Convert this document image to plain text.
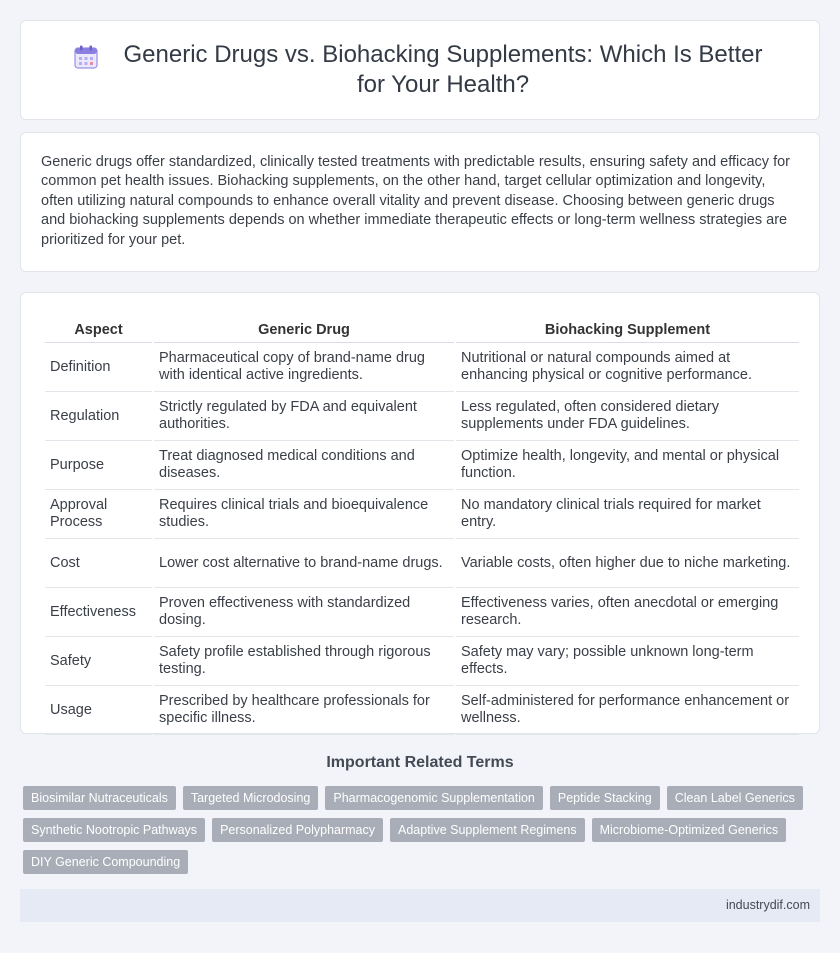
Generic Drugs vs. Biohacking Supplements: Which Is Better for Your Health?

Generic drugs offer standardized, clinically tested treatments with predictable results, ensuring safety and efficacy for common pet health issues. Biohacking supplements, on the other hand, target cellular optimization and longevity, often utilizing natural compounds to enhance overall vitality and prevent disease. Choosing between generic drugs and biohacking supplements depends on whether immediate therapeutic effects or long-term wellness strategies are prioritized for your pet.

Aspect	Generic Drug	Biohacking Supplement
Definition	Pharmaceutical copy of brand-name drug with identical active ingredients.	Nutritional or natural compounds aimed at enhancing physical or cognitive performance.
Regulation	Strictly regulated by FDA and equivalent authorities.	Less regulated, often considered dietary supplements under FDA guidelines.
Purpose	Treat diagnosed medical conditions and diseases.	Optimize health, longevity, and mental or physical function.
Approval Process	Requires clinical trials and bioequivalence studies.	No mandatory clinical trials required for market entry.
Cost	Lower cost alternative to brand-name drugs.	Variable costs, often higher due to niche marketing.
Effectiveness	Proven effectiveness with standardized dosing.	Effectiveness varies, often anecdotal or emerging research.
Safety	Safety profile established through rigorous testing.	Safety may vary; possible unknown long-term effects.
Usage	Prescribed by healthcare professionals for specific illness.	Self-administered for performance enhancement or wellness.
Important Related Terms
Biosimilar Nutraceuticals	Targeted Microdosing	Pharmacogenomic Supplementation	Peptide Stacking	Clean Label Generics
Synthetic Nootropic Pathways	Personalized Polypharmacy	Adaptive Supplement Regimens	Microbiome-Optimized Generics
DIY Generic Compounding
industrydif.com
